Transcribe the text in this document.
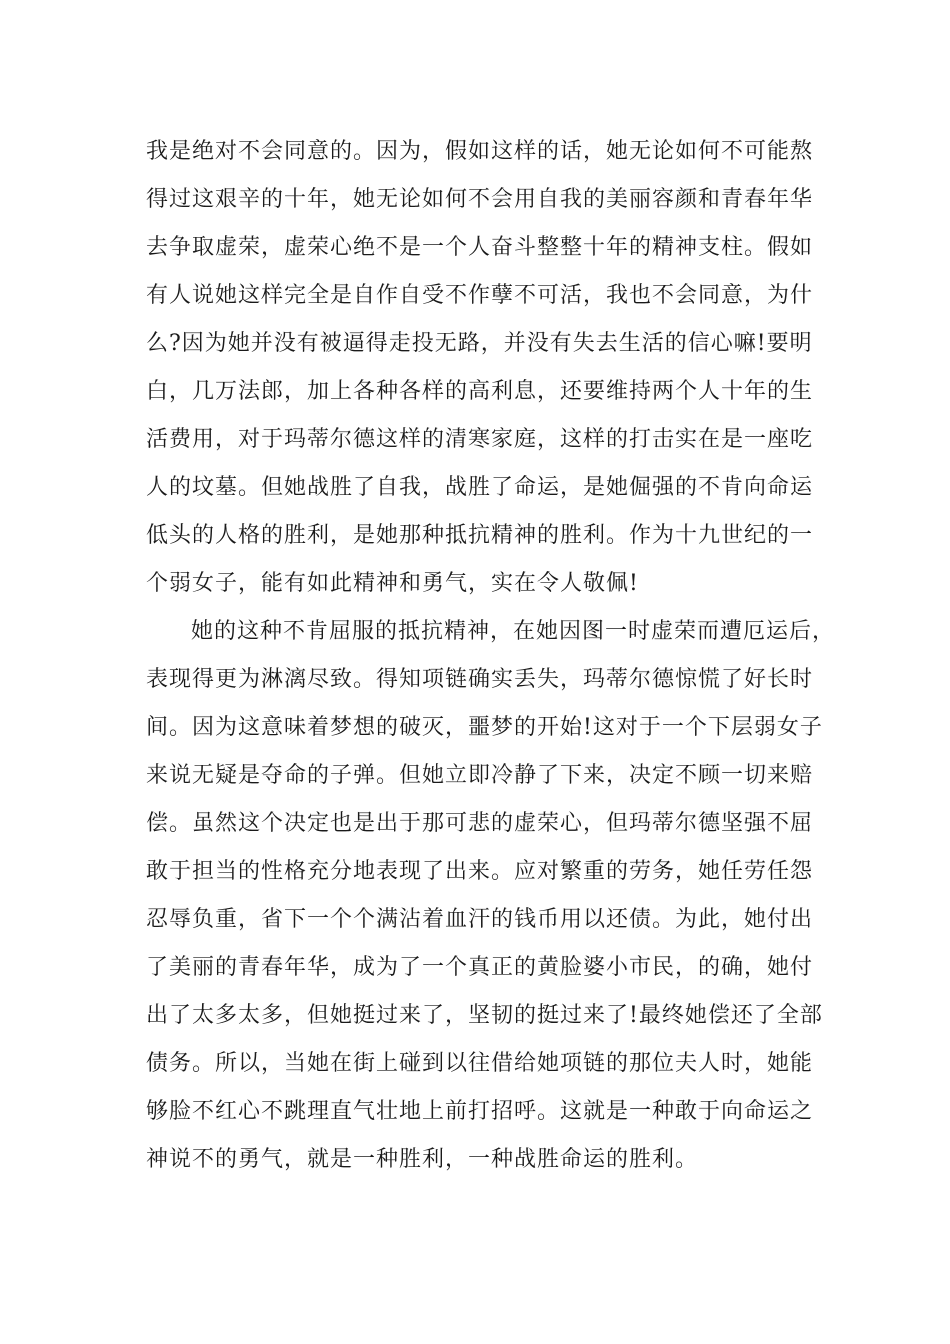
我是绝对不会同意的。因为，假如这样的话，她无论如何不可能熬
得过这艰辛的十年，她无论如何不会用自我的美丽容颜和青春年华
去争取虚荣，虚荣心绝不是一个人奋斗整整十年的精神支柱。假如
有人说她这样完全是自作自受不作孽不可活，我也不会同意，为什
么?因为她并没有被逼得走投无路，并没有失去生活的信心嘛!要明
白，几万法郎，加上各种各样的高利息，还要维持两个人十年的生
活费用，对于玛蒂尔德这样的清寒家庭，这样的打击实在是一座吃
人的坟墓。但她战胜了自我，战胜了命运，是她倔强的不肯向命运
低头的人格的胜利，是她那种抵抗精神的胜利。作为十九世纪的一
个弱女子，能有如此精神和勇气，实在令人敬佩!
她的这种不肯屈服的抵抗精神，在她因图一时虚荣而遭厄运后，
表现得更为淋漓尽致。得知项链确实丢失，玛蒂尔德惊慌了好长时
间。因为这意味着梦想的破灭，噩梦的开始!这对于一个下层弱女子
来说无疑是夺命的子弹。但她立即冷静了下来，决定不顾一切来赔
偿。虽然这个决定也是出于那可悲的虚荣心，但玛蒂尔德坚强不屈
敢于担当的性格充分地表现了出来。应对繁重的劳务，她任劳任怨
忍辱负重，省下一个个满沾着血汗的钱币用以还债。为此，她付出
了美丽的青春年华，成为了一个真正的黄脸婆小市民，的确，她付
出了太多太多，但她挺过来了，坚韧的挺过来了!最终她偿还了全部
债务。所以，当她在街上碰到以往借给她项链的那位夫人时，她能
够脸不红心不跳理直气壮地上前打招呼。这就是一种敢于向命运之
神说不的勇气，就是一种胜利，一种战胜命运的胜利。
